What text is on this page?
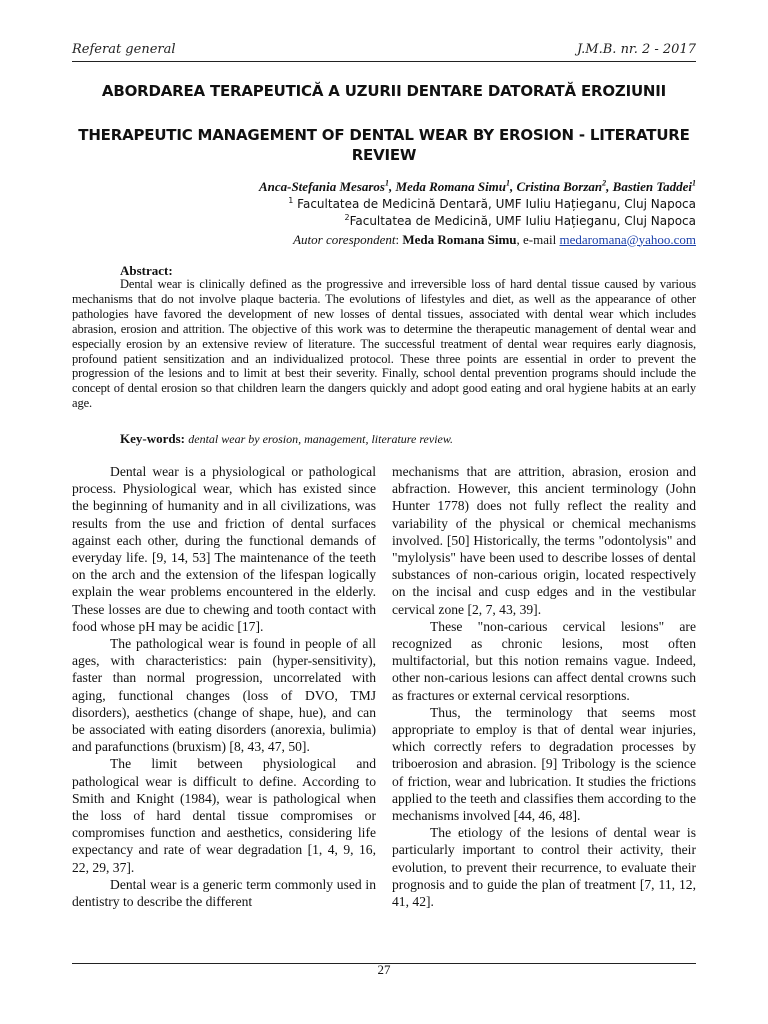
Referat general	J.M.B. nr. 2 - 2017
ABORDAREA TERAPEUTICĂ A UZURII DENTARE DATORATĂ EROZIUNII
THERAPEUTIC MANAGEMENT OF DENTAL WEAR BY EROSION - LITERATURE REVIEW
Anca-Stefania Mesaros$^1$, Meda Romana Simu$^1$, Cristina Borzan$^2$, Bastien Taddei$^1$
$^1$ Facultatea de Medicină Dentară, UMF Iuliu Hațieganu, Cluj Napoca
$^2$Facultatea de Medicină, UMF Iuliu Hațieganu, Cluj Napoca
Autor corespondent: Meda Romana Simu, e-mail medaromana@yahoo.com
Abstract:
Dental wear is clinically defined as the progressive and irreversible loss of hard dental tissue caused by various mechanisms that do not involve plaque bacteria. The evolutions of lifestyles and diet, as well as the appearance of other pathologies have favored the development of new losses of dental tissues, associated with dental wear which includes abrasion, erosion and attrition. The objective of this work was to determine the therapeutic management of dental wear and especially erosion by an extensive review of literature. The successful treatment of dental wear requires early diagnosis, profound patient sensitization and an individualized protocol. These three points are essential in order to prevent the progression of the lesions and to limit at best their severity. Finally, school dental prevention programs should include the concept of dental erosion so that children learn the dangers quickly and adopt good eating and oral hygiene habits at an early age.
Key-words: dental wear by erosion, management, literature review.

Dental wear is a physiological or pathological process. Physiological wear, which has existed since the beginning of humanity and in all civilizations, was results from the use and friction of dental surfaces against each other, during the functional demands of everyday life. [9, 14, 53] The maintenance of the teeth on the arch and the extension of the lifespan logically explain the wear problems encountered in the elderly. These losses are due to chewing and tooth contact with food whose pH may be acidic [17].

The pathological wear is found in people of all ages, with characteristics: pain (hyper-sensitivity), faster than normal progression, uncorrelated with aging, functional changes (loss of DVO, TMJ disorders), aesthetics (change of shape, hue), and can be associated with eating disorders (anorexia, bulimia) and parafunctions (bruxism) [8, 43, 47, 50].

The limit between physiological and pathological wear is difficult to define. According to Smith and Knight (1984), wear is pathological when the loss of hard dental tissue compromises or compromises function and aesthetics, considering life expectancy and rate of wear degradation [1, 4, 9, 16, 22, 29, 37].

Dental wear is a generic term commonly used in dentistry to describe the different

mechanisms that are attrition, abrasion, erosion and abfraction. However, this ancient terminology (John Hunter 1778) does not fully reflect the reality and variability of the physical or chemical mechanisms involved. [50] Historically, the terms "odontolysis" and "mylolysis" have been used to describe losses of dental substances of non-carious origin, located respectively on the incisal and cusp edges and in the vestibular cervical zone [2, 7, 43, 39].

These "non-carious cervical lesions" are recognized as chronic lesions, most often multifactorial, but this notion remains vague. Indeed, other non-carious lesions can affect dental crowns such as fractures or external cervical resorptions.

Thus, the terminology that seems most appropriate to employ is that of dental wear injuries, which correctly refers to degradation processes by triboerosion and abrasion. [9] Tribology is the science of friction, wear and lubrication. It studies the frictions applied to the teeth and classifies them according to the mechanisms involved [44, 46, 48].

The etiology of the lesions of dental wear is particularly important to control their activity, their evolution, to prevent their recurrence, to evaluate their prognosis and to guide the plan of treatment [7, 11, 12, 41, 42].

27
